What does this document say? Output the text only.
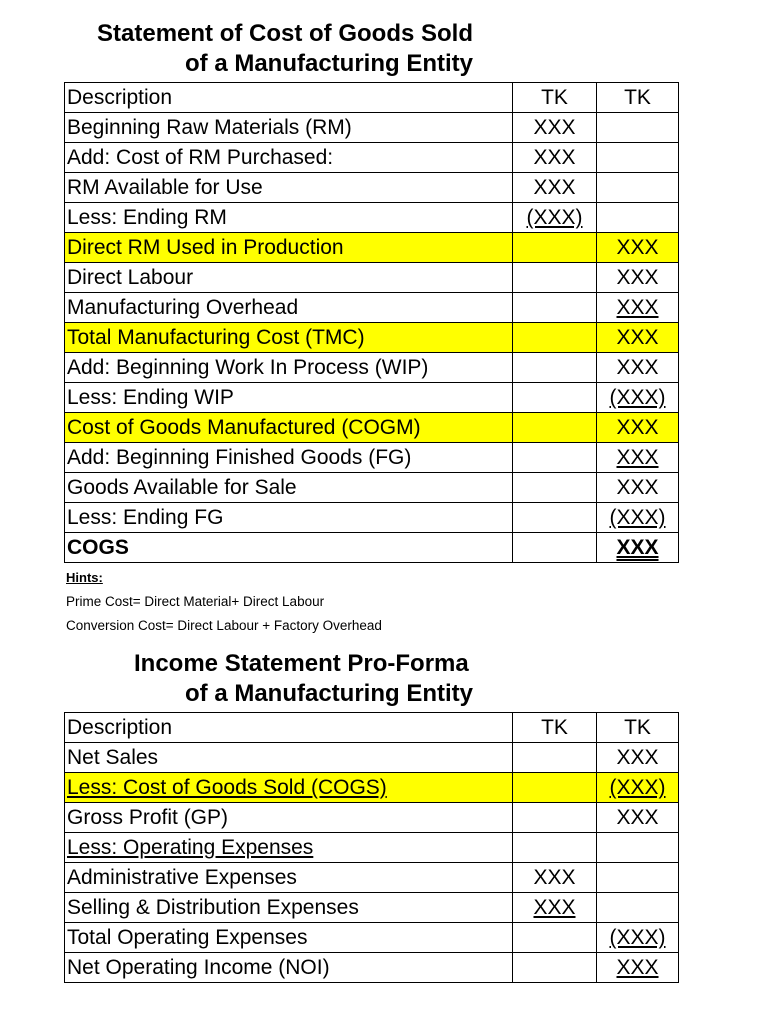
Statement of Cost of Goods Sold
of a Manufacturing Entity
Description	TK	TK
Beginning Raw Materials (RM)	XXX	
Add: Cost of RM Purchased:	XXX	
RM Available for Use	XXX	
Less: Ending RM	(XXX)	
Direct RM Used in Production		XXX
Direct Labour		XXX
Manufacturing Overhead		XXX
Total Manufacturing Cost (TMC)		XXX
Add: Beginning Work In Process (WIP)		XXX
Less: Ending WIP		(XXX)
Cost of Goods Manufactured (COGM)		XXX
Add: Beginning Finished Goods (FG)		XXX
Goods Available for Sale		XXX
Less: Ending FG		(XXX)
COGS		XXX
Hints:
Prime Cost= Direct Material+ Direct Labour
Conversion Cost= Direct Labour + Factory Overhead
Income Statement Pro-Forma
of a Manufacturing Entity
Description	TK	TK
Net Sales		XXX
Less: Cost of Goods Sold (COGS)		(XXX)
Gross Profit (GP)		XXX
Less: Operating Expenses		
Administrative Expenses	XXX	
Selling & Distribution Expenses	XXX	
Total Operating Expenses		(XXX)
Net Operating Income (NOI)		XXX
